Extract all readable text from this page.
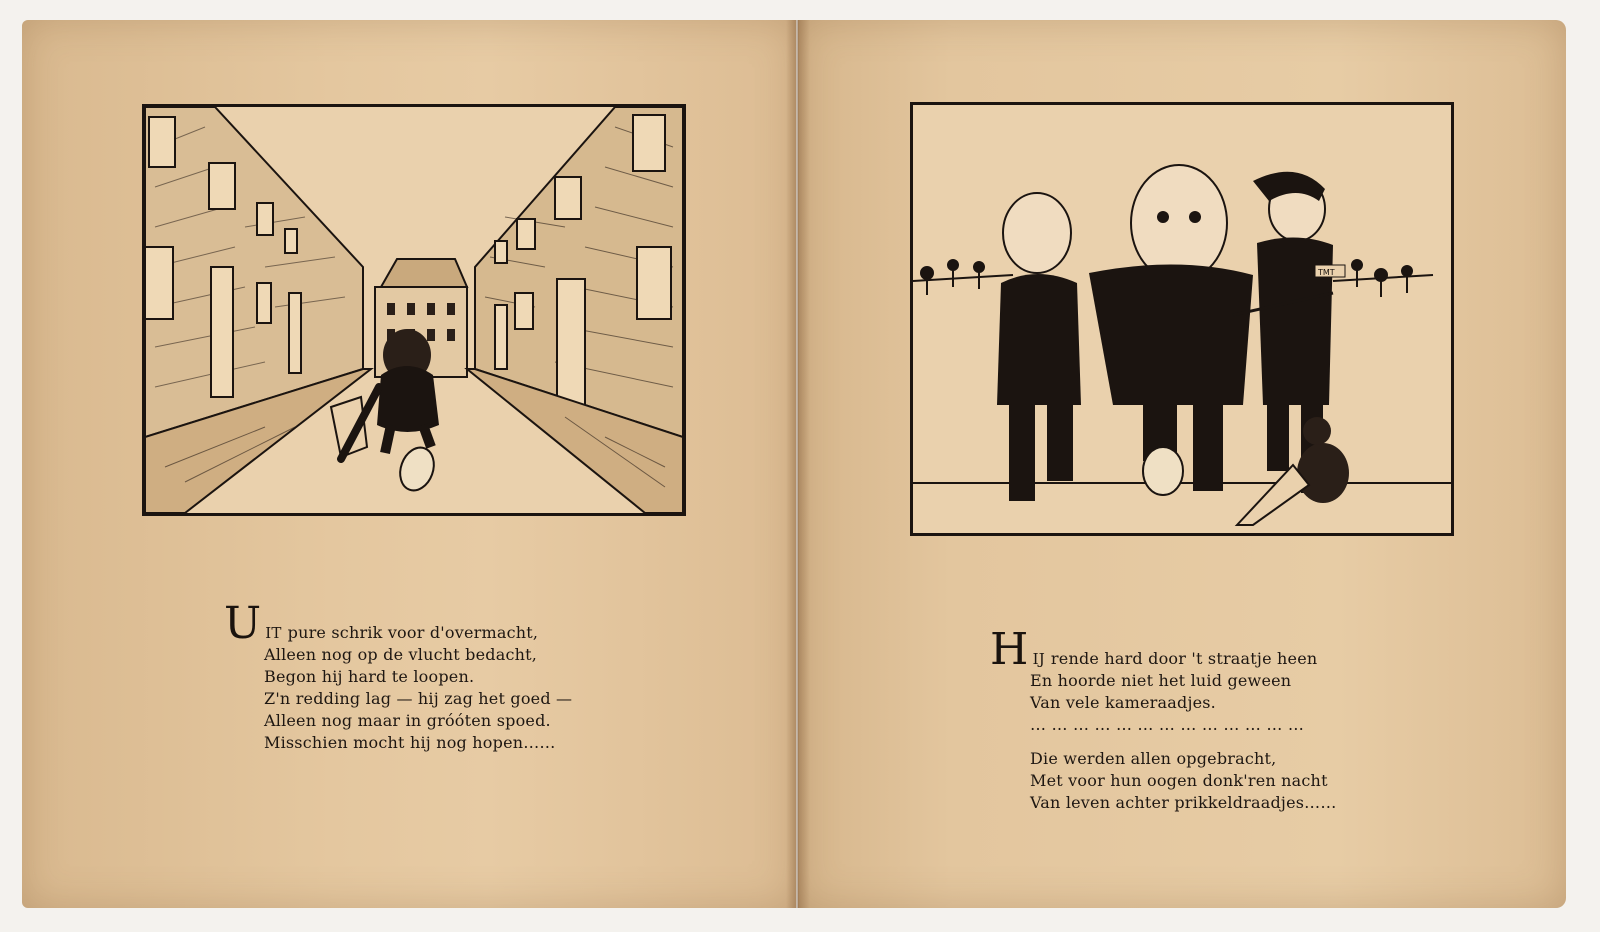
TMT
U IT pure schrik voor d'overmacht,
Alleen nog op de vlucht bedacht,
Begon hij hard te loopen.
Z'n redding lag — hij zag het goed —
Alleen nog maar in gróóten spoed.
Misschien mocht hij nog hopen……
H IJ rende hard door 't straatje heen
En hoorde niet het luid geween
Van vele kameraadjes.
… … … … … … … … … … … … …
Die werden allen opgebracht,
Met voor hun oogen donk'ren nacht
Van leven achter prikkeldraadjes……
